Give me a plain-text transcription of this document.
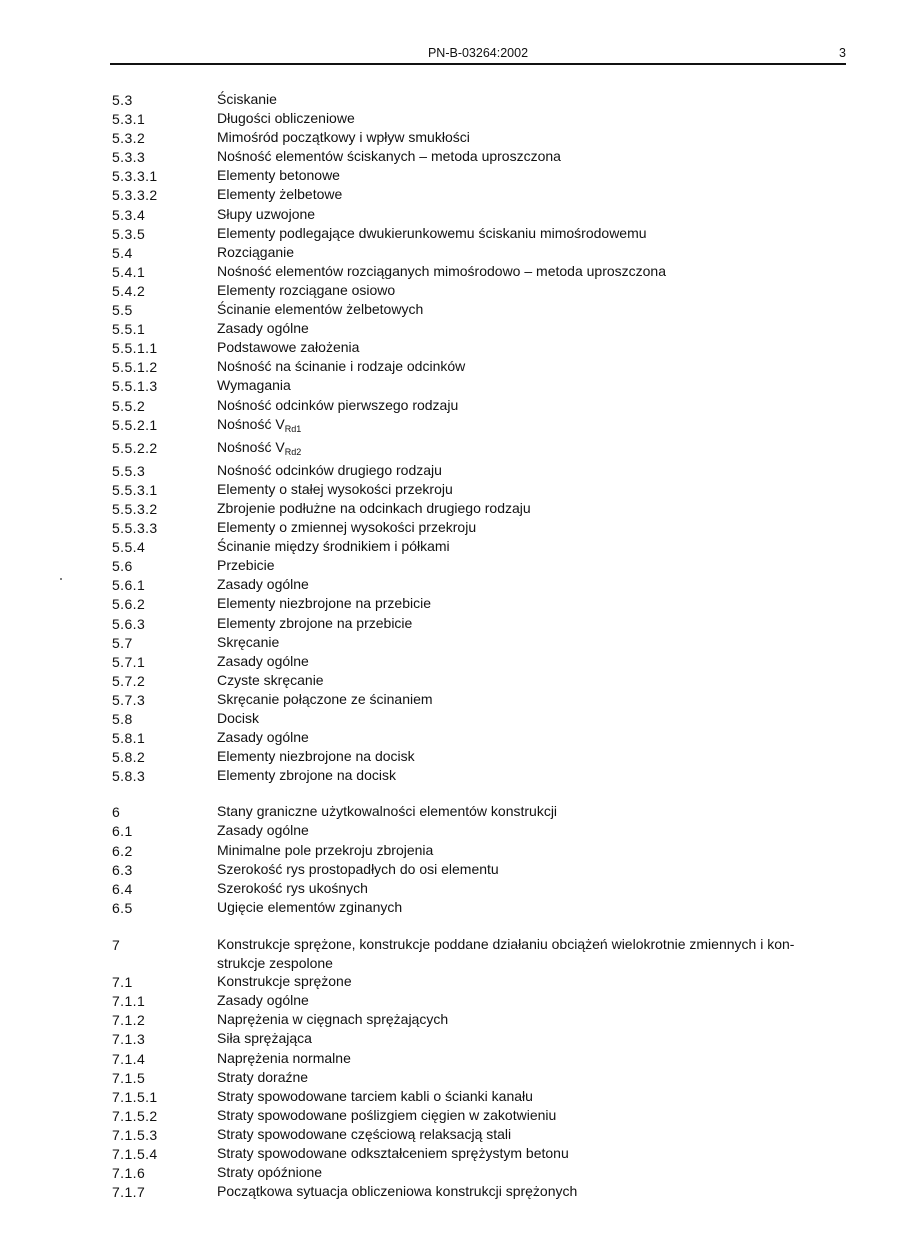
PN-B-03264:2002	3
5.3	Ściskanie
5.3.1	Długości obliczeniowe
5.3.2	Mimośród początkowy i wpływ smukłości
5.3.3	Nośność elementów ściskanych – metoda uproszczona
5.3.3.1	Elementy betonowe
5.3.3.2	Elementy żelbetowe
5.3.4	Słupy uzwojone
5.3.5	Elementy podlegające dwukierunkowemu ściskaniu mimośrodowemu
5.4	Rozciąganie
5.4.1	Nośność elementów rozciąganych mimośrodowo – metoda uproszczona
5.4.2	Elementy rozciągane osiowo
5.5	Ścinanie elementów żelbetowych
5.5.1	Zasady ogólne
5.5.1.1	Podstawowe założenia
5.5.1.2	Nośność na ścinanie i rodzaje odcinków
5.5.1.3	Wymagania
5.5.2	Nośność odcinków pierwszego rodzaju
5.5.2.1	Nośność $V_{Rd1}$
5.5.2.2	Nośność $V_{Rd2}$
5.5.3	Nośność odcinków drugiego rodzaju
5.5.3.1	Elementy o stałej wysokości przekroju
5.5.3.2	Zbrojenie podłużne na odcinkach drugiego rodzaju
5.5.3.3	Elementy o zmiennej wysokości przekroju
5.5.4	Ścinanie między środnikiem i półkami
5.6	Przebicie
5.6.1	Zasady ogólne
5.6.2	Elementy niezbrojone na przebicie
5.6.3	Elementy zbrojone na przebicie
5.7	Skręcanie
5.7.1	Zasady ogólne
5.7.2	Czyste skręcanie
5.7.3	Skręcanie połączone ze ścinaniem
5.8	Docisk
5.8.1	Zasady ogólne
5.8.2	Elementy niezbrojone na docisk
5.8.3	Elementy zbrojone na docisk
6	Stany graniczne użytkowalności elementów konstrukcji
6.1	Zasady ogólne
6.2	Minimalne pole przekroju zbrojenia
6.3	Szerokość rys prostopadłych do osi elementu
6.4	Szerokość rys ukośnych
6.5	Ugięcie elementów zginanych
7	Konstrukcje sprężone, konstrukcje poddane działaniu obciążeń wielokrotnie zmiennych i kon-
strukcje zespolone
7.1	Konstrukcje sprężone
7.1.1	Zasady ogólne
7.1.2	Naprężenia w cięgnach sprężających
7.1.3	Siła sprężająca
7.1.4	Naprężenia normalne
7.1.5	Straty doraźne
7.1.5.1	Straty spowodowane tarciem kabli o ścianki kanału
7.1.5.2	Straty spowodowane poślizgiem cięgien w zakotwieniu
7.1.5.3	Straty spowodowane częściową relaksacją stali
7.1.5.4	Straty spowodowane odkształceniem sprężystym betonu
7.1.6	Straty opóźnione
7.1.7	Początkowa sytuacja obliczeniowa konstrukcji sprężonych
